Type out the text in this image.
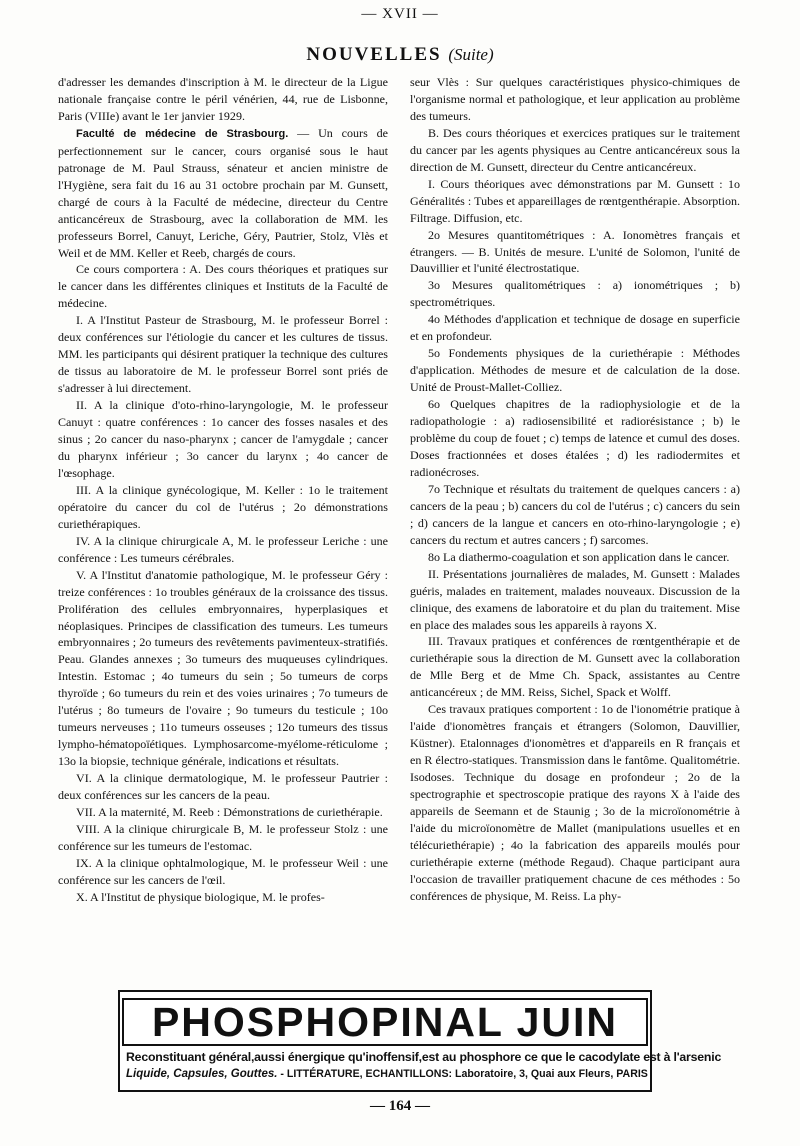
— XVII —
NOUVELLES (Suite)

d'adresser les demandes d'inscription à M. le directeur de la Ligue nationale française contre le péril vénérien, 44, rue de Lisbonne, Paris (VIIIe) avant le 1er janvier 1929.

Faculté de médecine de Strasbourg. — Un cours de perfectionnement sur le cancer, cours organisé sous le haut patronage de M. Paul Strauss, sénateur et ancien ministre de l'Hygiène, sera fait du 16 au 31 octobre prochain par M. Gunsett, chargé de cours à la Faculté de médecine, directeur du Centre anticancéreux de Strasbourg, avec la collaboration de MM. les professeurs Borrel, Canuyt, Leriche, Géry, Pautrier, Stolz, Vlès et Weil et de MM. Keller et Reeb, chargés de cours.

Ce cours comportera : A. Des cours théoriques et pratiques sur le cancer dans les différentes cliniques et Instituts de la Faculté de médecine.

I. A l'Institut Pasteur de Strasbourg, M. le professeur Borrel : deux conférences sur l'étiologie du cancer et les cultures de tissus. MM. les participants qui désirent pratiquer la technique des cultures de tissus au laboratoire de M. le professeur Borrel sont priés de s'adresser à lui directement.

II. A la clinique d'oto-rhino-laryngologie, M. le professeur Canuyt : quatre conférences : 1o cancer des fosses nasales et des sinus ; 2o cancer du naso-pharynx ; cancer de l'amygdale ; cancer du pharynx inférieur ; 3o cancer du larynx ; 4o cancer de l'œsophage.

III. A la clinique gynécologique, M. Keller : 1o le traitement opératoire du cancer du col de l'utérus ; 2o démonstrations curiethérapiques.

IV. A la clinique chirurgicale A, M. le professeur Leriche : une conférence : Les tumeurs cérébrales.

V. A l'Institut d'anatomie pathologique, M. le professeur Géry : treize conférences : 1o troubles généraux de la croissance des tissus. Prolifération des cellules embryonnaires, hyperplasiques et néoplasiques. Principes de classification des tumeurs. Les tumeurs embryonnaires ; 2o tumeurs des revêtements pavimenteux-stratifiés. Peau. Glandes annexes ; 3o tumeurs des muqueuses cylindriques. Intestin. Estomac ; 4o tumeurs du sein ; 5o tumeurs de corps thyroïde ; 6o tumeurs du rein et des voies urinaires ; 7o tumeurs de l'utérus ; 8o tumeurs de l'ovaire ; 9o tumeurs du testicule ; 10o tumeurs nerveuses ; 11o tumeurs osseuses ; 12o tumeurs des tissus lympho-hématopoïétiques. Lymphosarcome-myélome-réticulome ; 13o la biopsie, technique générale, indications et résultats.

VI. A la clinique dermatologique, M. le professeur Pautrier : deux conférences sur les cancers de la peau.

VII. A la maternité, M. Reeb : Démonstrations de curiethérapie.

VIII. A la clinique chirurgicale B, M. le professeur Stolz : une conférence sur les tumeurs de l'estomac.

IX. A la clinique ophtalmologique, M. le professeur Weil : une conférence sur les cancers de l'œil.

X. A l'Institut de physique biologique, M. le profes-

seur Vlès : Sur quelques caractéristiques physico-chimiques de l'organisme normal et pathologique, et leur application au problème des tumeurs.

B. Des cours théoriques et exercices pratiques sur le traitement du cancer par les agents physiques au Centre anticancéreux sous la direction de M. Gunsett, directeur du Centre anticancéreux.

I. Cours théoriques avec démonstrations par M. Gunsett : 1o Généralités : Tubes et appareillages de rœntgenthérapie. Absorption. Filtrage. Diffusion, etc.

2o Mesures quantitométriques : A. Ionomètres français et étrangers. — B. Unités de mesure. L'unité de Solomon, l'unité de Dauvillier et l'unité électrostatique.

3o Mesures qualitométriques : a) ionométriques ; b) spectrométriques.

4o Méthodes d'application et technique de dosage en superficie et en profondeur.

5o Fondements physiques de la curiethérapie : Méthodes d'application. Méthodes de mesure et de calculation de la dose. Unité de Proust-Mallet-Colliez.

6o Quelques chapitres de la radiophysiologie et de la radiopathologie : a) radiosensibilité et radiorésistance ; b) le problème du coup de fouet ; c) temps de latence et cumul des doses. Doses fractionnées et doses étalées ; d) les radiodermites et radionécroses.

7o Technique et résultats du traitement de quelques cancers : a) cancers de la peau ; b) cancers du col de l'utérus ; c) cancers du sein ; d) cancers de la langue et cancers en oto-rhino-laryngologie ; e) cancers du rectum et autres cancers ; f) sarcomes.

8o La diathermo-coagulation et son application dans le cancer.

II. Présentations journalières de malades, M. Gunsett : Malades guéris, malades en traitement, malades nouveaux. Discussion de la clinique, des examens de laboratoire et du plan du traitement. Mise en place des malades sous les appareils à rayons X.

III. Travaux pratiques et conférences de rœntgenthérapie et de curiethérapie sous la direction de M. Gunsett avec la collaboration de Mlle Berg et de Mme Ch. Spack, assistantes au Centre anticancéreux ; de MM. Reiss, Sichel, Spack et Wolff.

Ces travaux pratiques comportent : 1o de l'ionométrie pratique à l'aide d'ionomètres français et étrangers (Solomon, Dauvillier, Küstner). Etalonnages d'ionomètres et d'appareils en R français et en R électro-statiques. Transmission dans le fantôme. Qualitométrie. Isodoses. Technique du dosage en profondeur ; 2o de la spectrographie et spectroscopie pratique des rayons X à l'aide des appareils de Seemann et de Staunig ; 3o de la microïonométrie à l'aide du microïonomètre de Mallet (manipulations usuelles et en télécuriethérapie) ; 4o la fabrication des appareils moulés pour curiethérapie externe (méthode Regaud). Chaque participant aura l'occasion de travailler pratiquement chacune de ces méthodes : 5o conférences de physique, M. Reiss. La phy-

PHOSPHOPINAL JUIN
Reconstituant général,aussi énergique qu'inoffensif,est au phosphore ce que le cacodylate est à l'arsenic
Liquide, Capsules, Gouttes. - LITTÉRATURE, ECHANTILLONS: Laboratoire, 3, Quai aux Fleurs, PARIS
— 164 —
